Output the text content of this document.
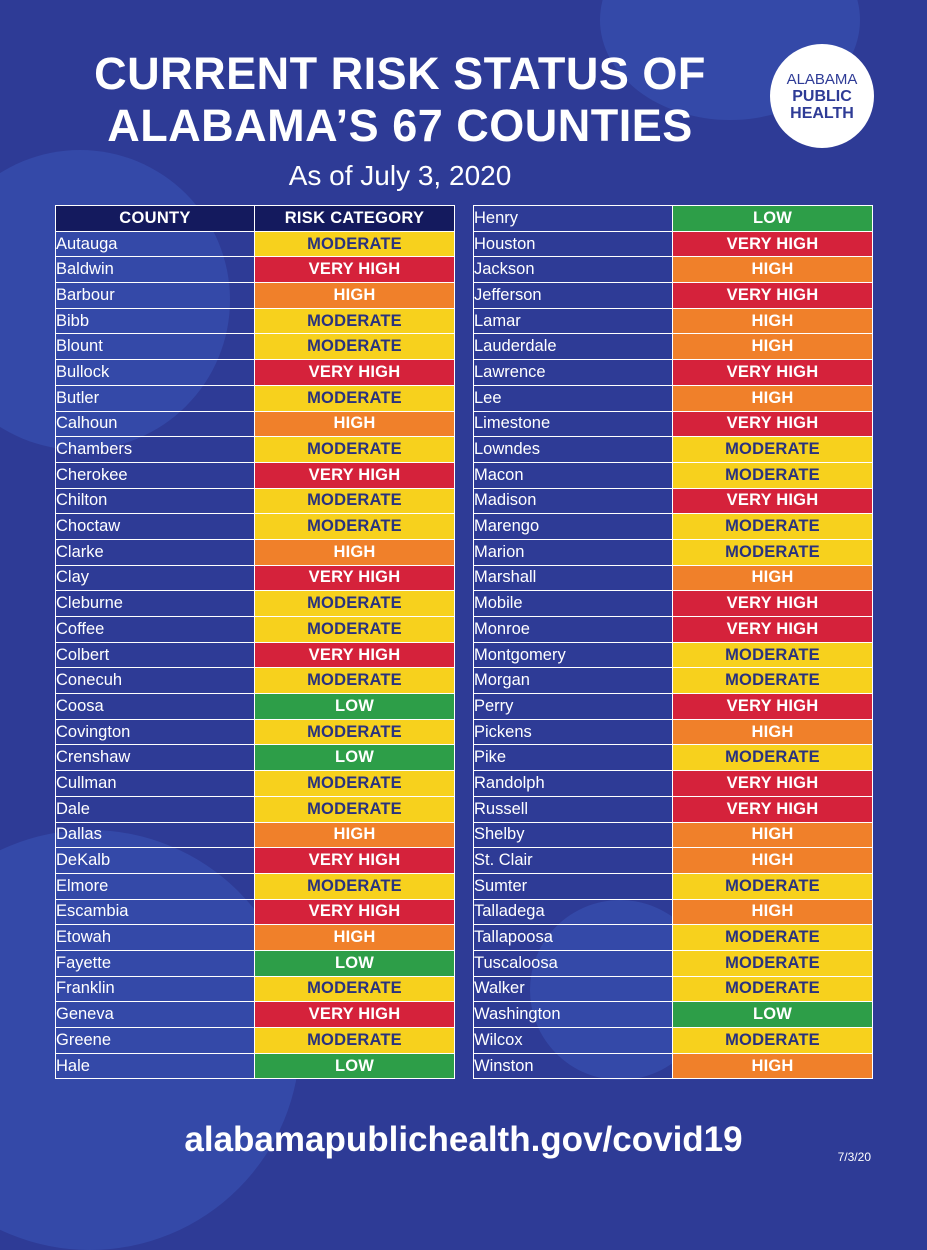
CURRENT RISK STATUS OF
ALABAMA’S 67 COUNTIES
ALABAMA
PUBLIC
HEALTH

As of July 3, 2020

COUNTY	RISK CATEGORY
Autauga	MODERATE
Baldwin	VERY HIGH
Barbour	HIGH
Bibb	MODERATE
Blount	MODERATE
Bullock	VERY HIGH
Butler	MODERATE
Calhoun	HIGH
Chambers	MODERATE
Cherokee	VERY HIGH
Chilton	MODERATE
Choctaw	MODERATE
Clarke	HIGH
Clay	VERY HIGH
Cleburne	MODERATE
Coffee	MODERATE
Colbert	VERY HIGH
Conecuh	MODERATE
Coosa	LOW
Covington	MODERATE
Crenshaw	LOW
Cullman	MODERATE
Dale	MODERATE
Dallas	HIGH
DeKalb	VERY HIGH
Elmore	MODERATE
Escambia	VERY HIGH
Etowah	HIGH
Fayette	LOW
Franklin	MODERATE
Geneva	VERY HIGH
Greene	MODERATE
Hale	LOW
Henry	LOW
Houston	VERY HIGH
Jackson	HIGH
Jefferson	VERY HIGH
Lamar	HIGH
Lauderdale	HIGH
Lawrence	VERY HIGH
Lee	HIGH
Limestone	VERY HIGH
Lowndes	MODERATE
Macon	MODERATE
Madison	VERY HIGH
Marengo	MODERATE
Marion	MODERATE
Marshall	HIGH
Mobile	VERY HIGH
Monroe	VERY HIGH
Montgomery	MODERATE
Morgan	MODERATE
Perry	VERY HIGH
Pickens	HIGH
Pike	MODERATE
Randolph	VERY HIGH
Russell	VERY HIGH
Shelby	HIGH
St. Clair	HIGH
Sumter	MODERATE
Talladega	HIGH
Tallapoosa	MODERATE
Tuscaloosa	MODERATE
Walker	MODERATE
Washington	LOW
Wilcox	MODERATE
Winston	HIGH
alabamapublichealth.gov/covid19	7/3/20
